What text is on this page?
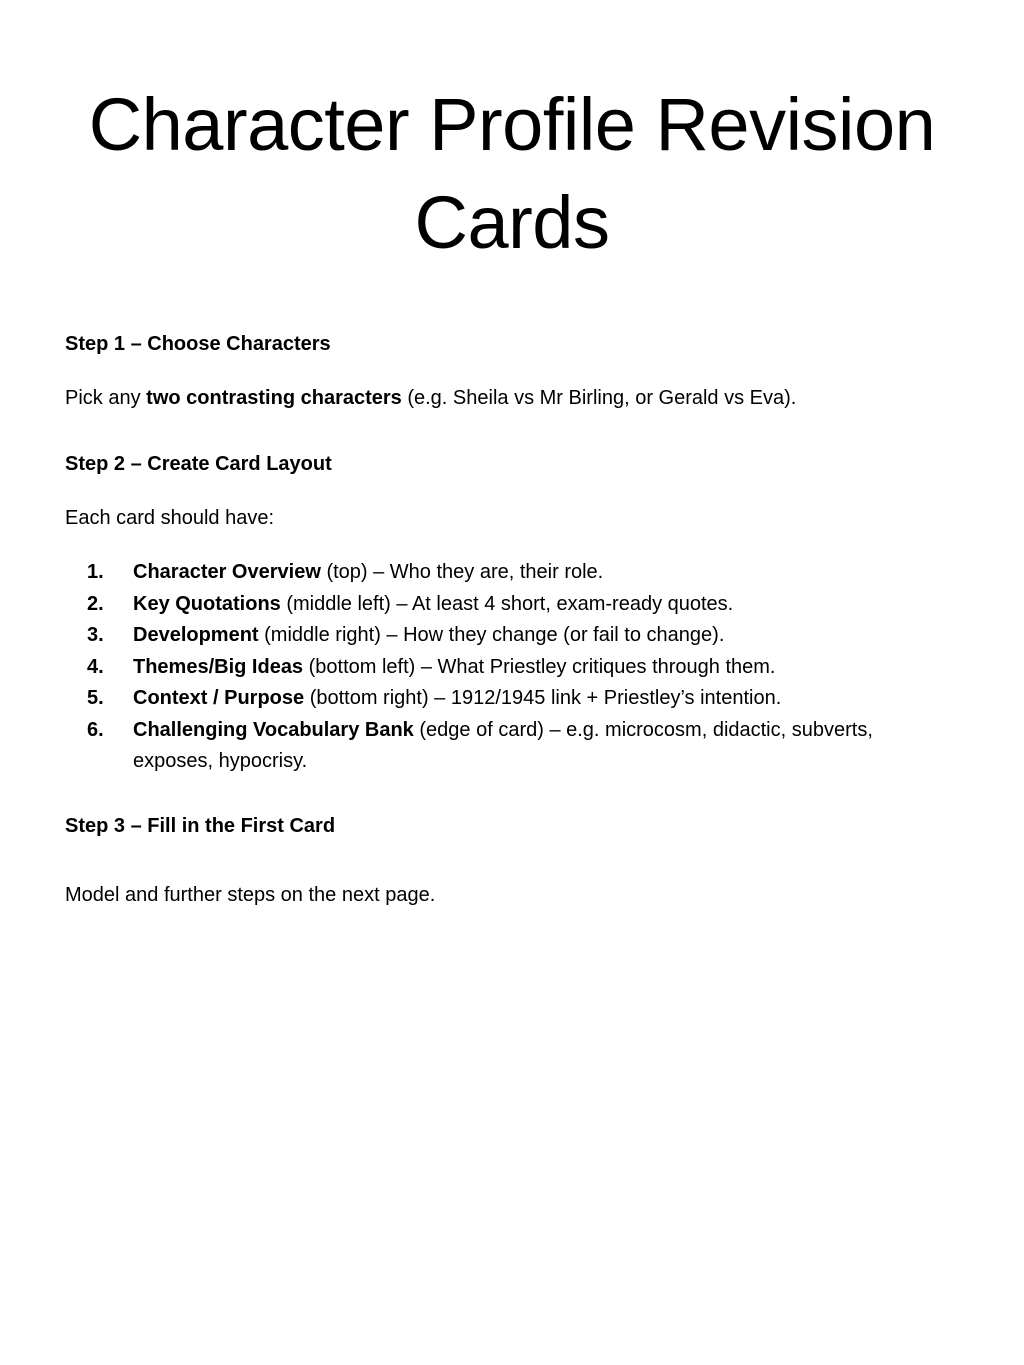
Character Profile Revision
Cards

Step 1 – Choose Characters

Pick any two contrasting characters (e.g. Sheila vs Mr Birling, or Gerald vs Eva).

Step 2 – Create Card Layout

Each card should have:

1. Character Overview (top) – Who they are, their role.
2. Key Quotations (middle left) – At least 4 short, exam-ready quotes.
3. Development (middle right) – How they change (or fail to change).
4. Themes/Big Ideas (bottom left) – What Priestley critiques through them.
5. Context / Purpose (bottom right) – 1912/1945 link + Priestley’s intention.
6. Challenging Vocabulary Bank (edge of card) – e.g. microcosm, didactic, subverts, exposes, hypocrisy.

Step 3 – Fill in the First Card

Model and further steps on the next page.
